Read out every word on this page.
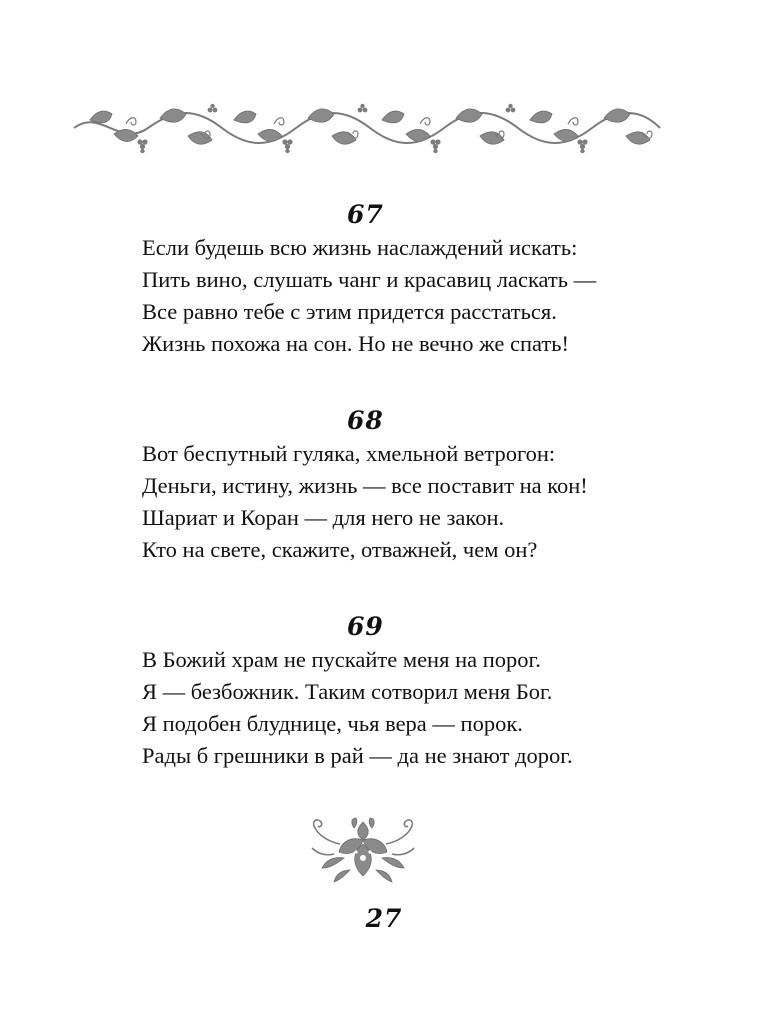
67
Если будешь всю жизнь наслаждений искать:
Пить вино, слушать чанг и красавиц ласкать —
Все равно тебе с этим придется расстаться.
Жизнь похожа на сон. Но не вечно же спать!
68
Вот беспутный гуляка, хмельной ветрогон:
Деньги, истину, жизнь — все поставит на кон!
Шариат и Коран — для него не закон.
Кто на свете, скажите, отважней, чем он?
69
В Божий храм не пускайте меня на порог.
Я — безбожник. Таким сотворил меня Бог.
Я подобен блуднице, чья вера — порок.
Рады б грешники в рай — да не знают дорог.
27
